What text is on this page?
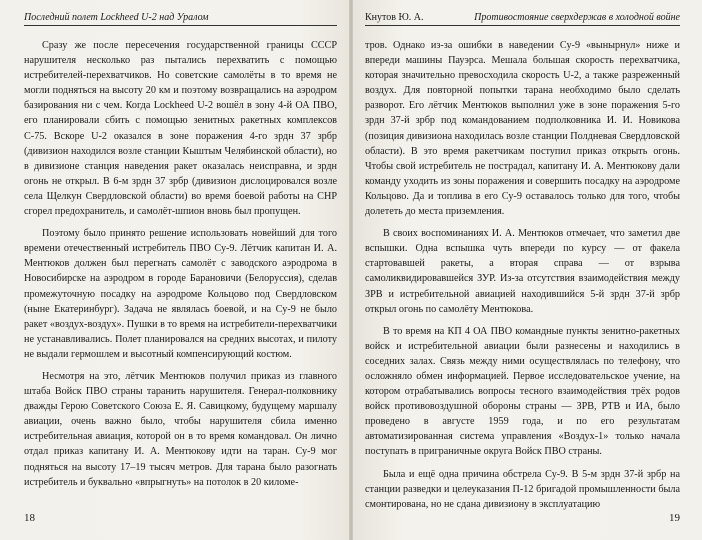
Последний полет Lockheed U-2 над Уралом

Сразу же после пересечения государственной границы СССР нарушителя несколько раз пытались перехватить с помощью истребителей-перехватчиков. Но советские самолёты в то время не могли подняться на высоту 20 км и поэтому возвращались на аэродром базирования ни с чем. Когда Lockheed U-2 вошёл в зону 4-й ОА ПВО, его планировали сбить с помощью зенитных ракетных комплексов С-75. Вскоре U-2 оказался в зоне поражения 4-го зрдн 37 зрбр (дивизион находился возле станции Кыштым Челябинской области), но в дивизионе станция наведения ракет оказалась неисправна, и зрдн огонь не открыл. В 6-м зрдн 37 зрбр (дивизион дислоцировался возле села Щелкун Свердловской области) во время боевой работы на СНР сгорел предохранитель, и самолёт-шпион вновь был пропущен.

Поэтому было принято решение использовать новейший для того времени отечественный истребитель ПВО Су-9. Лётчик капитан И. А. Ментюков должен был перегнать самолёт с заводского аэродрома в Новосибирске на аэродром в городе Барановичи (Белоруссия), сделав промежуточную посадку на аэродроме Кольцово под Свердловском (ныне Екатеринбург). Задача не являлась боевой, и на Су-9 не было ракет «воздух-воздух». Пушки в то время на истребители-перехватчики не устанавливались. Полет планировался на средних высотах, и пилоту не выдали гермошлем и высотный компенсирующий костюм.

Несмотря на это, лётчик Ментюков получил приказ из главного штаба Войск ПВО страны таранить нарушителя. Генерал-полковнику дважды Герою Советского Союза Е. Я. Савицкому, будущему маршалу авиации, очень важно было, чтобы нарушителя сбила именно истребительная авиация, которой он в то время командовал. Он лично отдал приказ капитану И. А. Ментюкову идти на таран. Су-9 мог подняться на высоту 17–19 тысяч метров. Для тарана было разогнать истребитель и буквально «впрыгнуть» на потолок в 20 киломе-

18
Кнутов Ю. А.	Противостояние сверхдержав в холодной войне

тров. Однако из-за ошибки в наведении Су-9 «вынырнул» ниже и впереди машины Пауэрса. Мешала большая скорость перехватчика, которая значительно превосходила скорость U-2, а также разреженный воздух. Для повторной попытки тарана необходимо было сделать разворот. Его лётчик Ментюков выполнил уже в зоне поражения 5-го зрдн 37-й зрбр под командованием подполковника И. И. Новикова (позиция дивизиона находилась возле станции Полдневая Свердловской области). В это время ракетчикам поступил приказ открыть огонь. Чтобы свой истребитель не пострадал, капитану И. А. Ментюкову дали команду уходить из зоны поражения и совершить посадку на аэродроме Кольцово. Да и топлива в его Су-9 оставалось только для того, чтобы долететь до места приземления.

В своих воспоминаниях И. А. Ментюков отмечает, что заметил две вспышки. Одна вспышка чуть впереди по курсу — от факела стартовавшей ракеты, а вторая справа — от взрыва самоликвидировавшейся ЗУР. Из-за отсутствия взаимодействия между ЗРВ и истребительной авиацией находившийся 5-й зрдн 37-й зрбр открыл огонь по самолёту Ментюкова.

В то время на КП 4 ОА ПВО командные пункты зенитно-ракетных войск и истребительной авиации были разнесены и находились в соседних залах. Связь между ними осуществлялась по телефону, что осложняло обмен информацией. Первое исследовательское учение, на котором отрабатывались вопросы тесного взаимодействия трёх родов войск противовоздушной обороны страны — ЗРВ, РТВ и ИА, было проведено в августе 1959 года, и по его результатам автоматизированная система управления «Воздух-1» только начала поступать в приграничные округа Войск ПВО страны.

Была и ещё одна причина обстрела Су-9. В 5-м зрдн 37-й зрбр на станции разведки и целеуказания П-12 бригадой промышленности была смонтирована, но не сдана дивизиону в эксплуатацию

19
